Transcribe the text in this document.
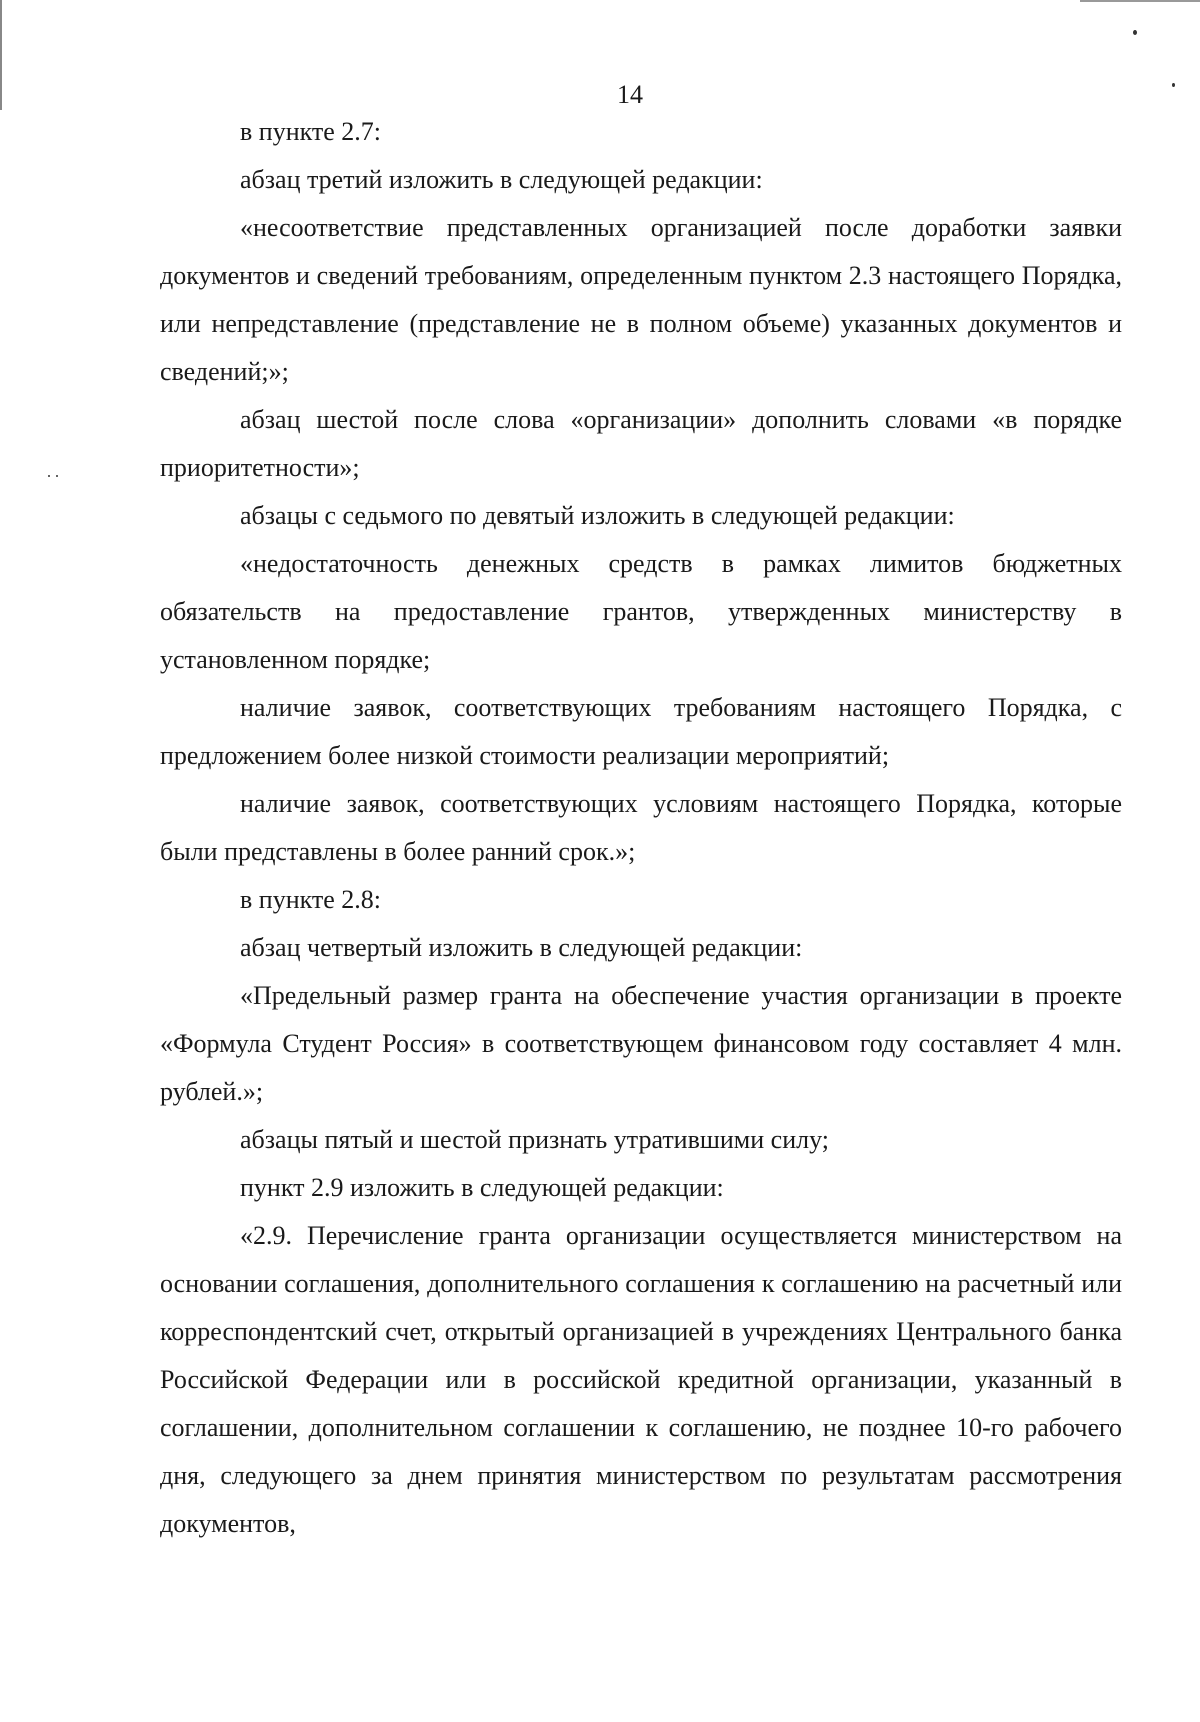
14

в пункте 2.7:

абзац третий изложить в следующей редакции:

«несоответствие представленных организацией после доработки заявки документов и сведений требованиям, определенным пунктом 2.3 настоящего Порядка, или непредставление (представление не в полном объеме) указанных документов и сведений;»;

абзац шестой после слова «организации» дополнить словами «в порядке приоритетности»;

абзацы с седьмого по девятый изложить в следующей редакции:

«недостаточность денежных средств в рамках лимитов бюджетных обязательств на предоставление грантов, утвержденных министерству в установленном порядке;

наличие заявок, соответствующих требованиям настоящего Порядка, с предложением более низкой стоимости реализации мероприятий;

наличие заявок, соответствующих условиям настоящего Порядка, которые были представлены в более ранний срок.»;

в пункте 2.8:

абзац четвертый изложить в следующей редакции:

«Предельный размер гранта на обеспечение участия организации в проекте «Формула Студент Россия» в соответствующем финансовом году составляет 4 млн. рублей.»;

абзацы пятый и шестой признать утратившими силу;

пункт 2.9 изложить в следующей редакции:

«2.9. Перечисление гранта организации осуществляется министерством на основании соглашения, дополнительного соглашения к соглашению на расчетный или корреспондентский счет, открытый организацией в учреждениях Центрального банка Российской Федерации или в российской кредитной организации, указанный в соглашении, дополнительном соглашении к соглашению, не позднее 10-го рабочего дня, следующего за днем принятия министерством по результатам рассмотрения документов,
